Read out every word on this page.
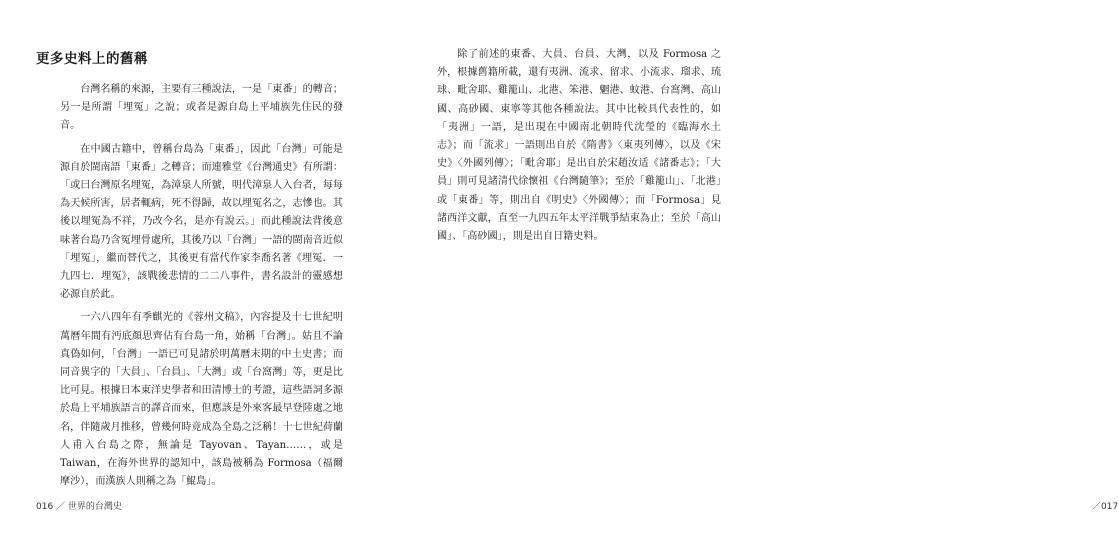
更多史料上的舊稱

台灣名稱的來源，主要有三種說法，一是「東番」的轉音；另一是所謂「埋冤」之說；或者是源自島上平埔族先住民的發音。

在中國古籍中，曾稱台島為「東番」，因此「台灣」可能是源自於閩南語「東番」之轉音；而連雅堂《台灣通史》有所謂：「或曰台灣原名埋冤，為漳泉人所號，明代漳泉人入台者，每每為天候所害，居者輒病，死不得歸，故以埋冤名之，志慘也。其後以埋冤為不祥，乃改今名，是亦有說云。」而此種說法背後意味著台島乃含冤埋骨處所，其後乃以「台灣」一語的閩南音近似「埋冤」，繼而替代之，其後更有當代作家李喬名著《埋冤．一九四七．埋冤》，該戰後悲情的二二八事件，書名設計的靈感想必源自於此。

一六八四年有季麒光的《蓉州文稿》，內容提及十七世紀明萬曆年間有沔底顏思齊佔有台島一角，始稱「台灣」。姑且不論真偽如何，「台灣」一語已可見諸於明萬曆末期的中土史書；而同音異字的「大員」、「台員」、「大灣」或「台窩灣」等，更是比比可見。根據日本東洋史學者和田清博士的考證，這些語詞多源於島上平埔族語言的譯音而來，但應該是外來客最早登陸處之地名，伴隨歲月推移，曾幾何時竟成為全島之泛稱！十七世紀荷蘭人甫入台島之際，無論是 Tayovan、Tayan……，或是 Taiwan，在海外世界的認知中，該島被稱為 Formosa（福爾摩沙），而漢族人則稱之為「鯤島」。

016 ／ 世界的台灣史	／017

除了前述的東番、大員、台員、大灣，以及 Formosa 之外，根據舊籍所載，還有夷洲、流求、留求、小流求、瑠求、琉球、毗舍耶、雞籠山、北港、笨港、魍港、蚊港、台窩灣、高山國、高砂國、東寧等其他各種說法。其中比較具代表性的，如「夷洲」一語，是出現在中國南北朝時代沈瑩的《臨海水土志》；而「流求」一語則出自於《隋書》〈東夷列傳〉，以及《宋史》〈外國列傳〉；「毗舍耶」是出自於宋趙汝适《諸番志》；「大員」則可見諸清代徐懷祖《台灣隨筆》；至於「雞籠山」、「北港」或「東番」等，則出自《明史》〈外國傳〉；而「Formosa」見諸西洋文獻，直至一九四五年太平洋戰爭結束為止；至於「高山國」、「高砂國」，則是出自日籍史料。
